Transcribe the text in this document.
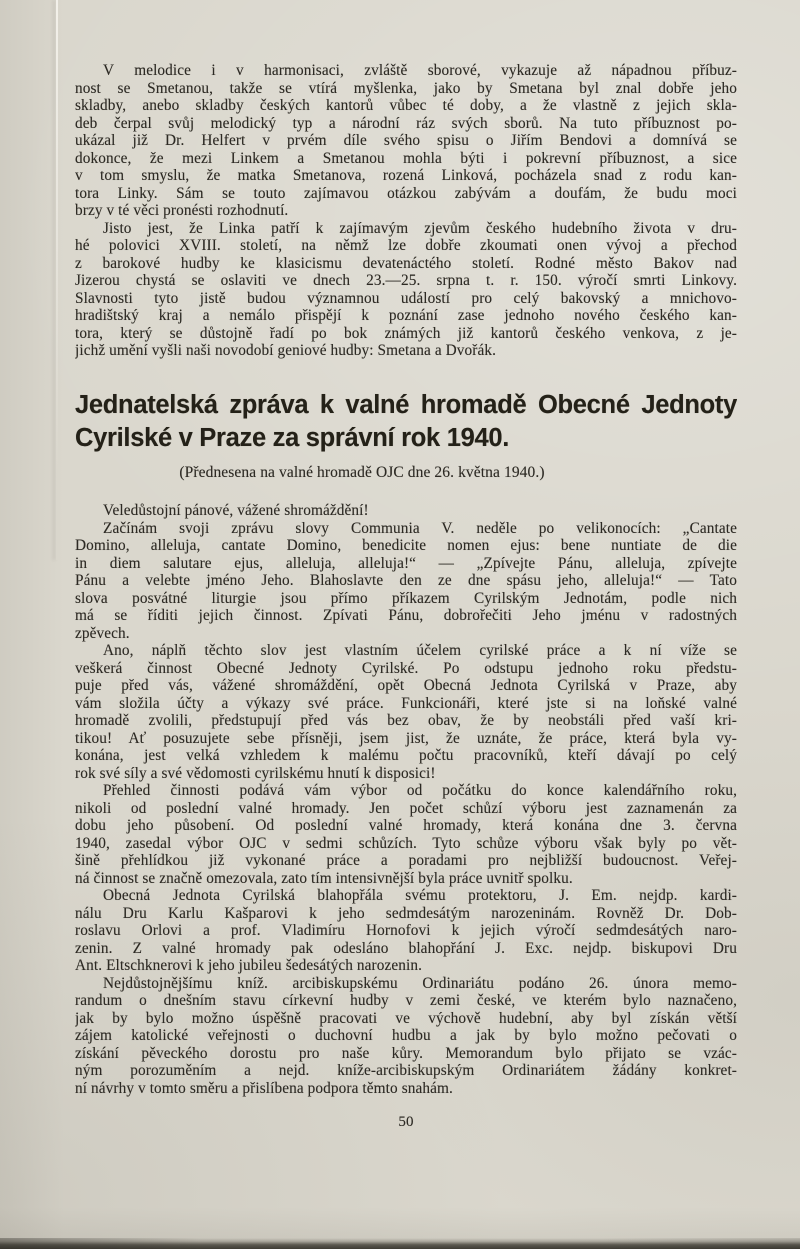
V melodice i v harmonisaci, zvláště sborové, vykazuje až nápadnou příbuz-
nost se Smetanou, takže se vtírá myšlenka, jako by Smetana byl znal dobře jeho
skladby, anebo skladby českých kantorů vůbec té doby, a že vlastně z jejich skla-
deb čerpal svůj melodický typ a národní ráz svých sborů. Na tuto příbuznost po-
ukázal již Dr. Helfert v prvém díle svého spisu o Jiřím Bendovi a domnívá se
dokonce, že mezi Linkem a Smetanou mohla býti i pokrevní příbuznost, a sice
v tom smyslu, že matka Smetanova, rozená Linková, pocházela snad z rodu kan-
tora Linky. Sám se touto zajímavou otázkou zabývám a doufám, že budu moci
brzy v té věci pronésti rozhodnutí.
Jisto jest, že Linka patří k zajímavým zjevům českého hudebního života v dru-
hé polovici XVIII. století, na němž lze dobře zkoumati onen vývoj a přechod
z barokové hudby ke klasicismu devatenáctého století. Rodné město Bakov nad
Jizerou chystá se oslaviti ve dnech 23.—25. srpna t. r. 150. výročí smrti Linkovy.
Slavnosti tyto jistě budou významnou událostí pro celý bakovský a mnichovo-
hradištský kraj a nemálo přispějí k poznání zase jednoho nového českého kan-
tora, který se důstojně řadí po bok známých již kantorů českého venkova, z je-
jichž umění vyšli naši novodobí geniové hudby: Smetana a Dvořák.
Jednatelská zpráva k valné hromadě Obecné Jednoty
Cyrilské v Praze za správní rok 1940.
(Přednesena na valné hromadě OJC dne 26. května 1940.)
Veledůstojní pánové, vážené shromáždění!
Začínám svoji zprávu slovy Communia V. neděle po velikonocích: „Cantate
Domino, alleluja, cantate Domino, benedicite nomen ejus: bene nuntiate de die
in diem salutare ejus, alleluja, alleluja!“ — „Zpívejte Pánu, alleluja, zpívejte
Pánu a velebte jméno Jeho. Blahoslavte den ze dne spásu jeho, alleluja!“ — Tato
slova posvátné liturgie jsou přímo příkazem Cyrilským Jednotám, podle nich
má se říditi jejich činnost. Zpívati Pánu, dobrořečiti Jeho jménu v radostných
zpěvech.
Ano, náplň těchto slov jest vlastním účelem cyrilské práce a k ní víže se
veškerá činnost Obecné Jednoty Cyrilské. Po odstupu jednoho roku předstu-
puje před vás, vážené shromáždění, opět Obecná Jednota Cyrilská v Praze, aby
vám složila účty a výkazy své práce. Funkcionáři, které jste si na loňské valné
hromadě zvolili, předstupují před vás bez obav, že by neobstáli před vaší kri-
tikou! Ať posuzujete sebe přísněji, jsem jist, že uznáte, že práce, která byla vy-
konána, jest velká vzhledem k malému počtu pracovníků, kteří dávají po celý
rok své síly a své vědomosti cyrilskému hnutí k disposici!
Přehled činnosti podává vám výbor od počátku do konce kalendářního roku,
nikoli od poslední valné hromady. Jen počet schůzí výboru jest zaznamenán za
dobu jeho působení. Od poslední valné hromady, která konána dne 3. června
1940, zasedal výbor OJC v sedmi schůzích. Tyto schůze výboru však byly po vět-
šině přehlídkou již vykonané práce a poradami pro nejbližší budoucnost. Veřej-
ná činnost se značně omezovala, zato tím intensivnější byla práce uvnitř spolku.
Obecná Jednota Cyrilská blahopřála svému protektoru, J. Em. nejdp. kardi-
nálu Dru Karlu Kašparovi k jeho sedmdesátým narozeninám. Rovněž Dr. Dob-
roslavu Orlovi a prof. Vladimíru Hornofovi k jejich výročí sedmdesátých naro-
zenin. Z valné hromady pak odesláno blahopřání J. Exc. nejdp. biskupovi Dru
Ant. Eltschknerovi k jeho jubileu šedesátých narozenin.
Nejdůstojnějšímu kníž. arcibiskupskému Ordinariátu podáno 26. února memo-
randum o dnešním stavu církevní hudby v zemi české, ve kterém bylo naznačeno,
jak by bylo možno úspěšně pracovati ve výchově hudební, aby byl získán větší
zájem katolické veřejnosti o duchovní hudbu a jak by bylo možno pečovati o
získání pěveckého dorostu pro naše kůry. Memorandum bylo přijato se vzác-
ným porozuměním a nejd. kníže-arcibiskupským Ordinariátem žádány konkret-
ní návrhy v tomto směru a přislíbena podpora těmto snahám.
50
